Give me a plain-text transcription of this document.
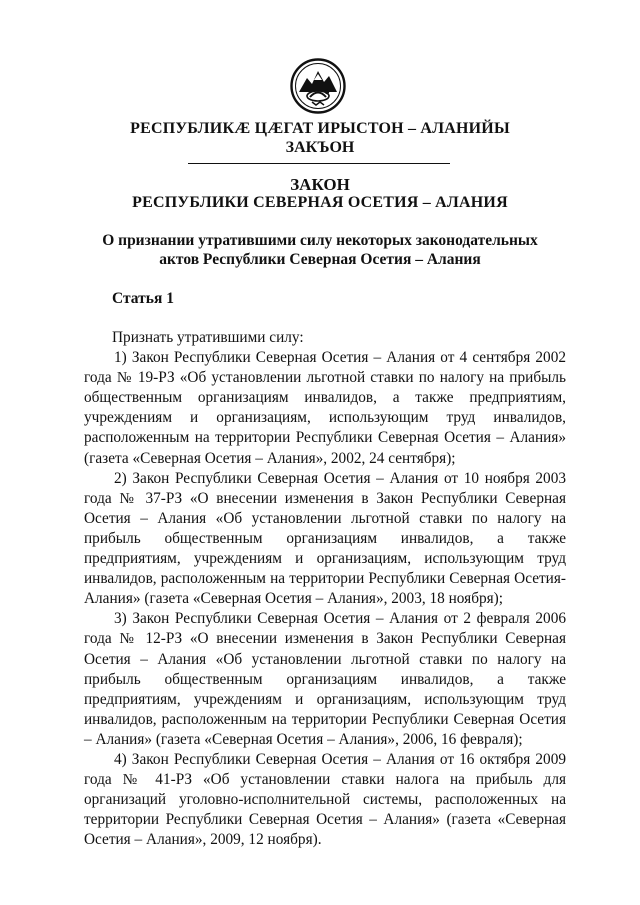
РЕСПУБЛИКӔ ЦӔГАТ ИРЫСТОН – АЛАНИЙЫ
ЗАКЪОН
ЗАКОН
РЕСПУБЛИКИ СЕВЕРНАЯ ОСЕТИЯ – АЛАНИЯ
О признании утратившими силу некоторых законодательных
актов Республики Северная Осетия – Алания
Статья 1

Признать утратившими силу:

1) Закон Республики Северная Осетия – Алания от 4 сентября 2002 года № 19-РЗ «Об установлении льготной ставки по налогу на прибыль общественным организациям инвалидов, а также предприятиям, учреждениям и организациям, использующим труд инвалидов, расположенным на территории Республики Северная Осетия – Алания» (газета «Северная Осетия – Алания», 2002, 24 сентября);

2) Закон Республики Северная Осетия – Алания от 10 ноября 2003 года № 37-РЗ «О внесении изменения в Закон Республики Северная Осетия – Алания «Об установлении льготной ставки по налогу на прибыль общественным организациям инвалидов, а также предприятиям, учреждениям и организациям, использующим труд инвалидов, расположенным на территории Республики Северная Осетия-Алания» (газета «Северная Осетия – Алания», 2003, 18 ноября);

3) Закон Республики Северная Осетия – Алания от 2 февраля 2006 года № 12-РЗ «О внесении изменения в Закон Республики Северная Осетия – Алания «Об установлении льготной ставки по налогу на прибыль общественным организациям инвалидов, а также предприятиям, учреждениям и организациям, использующим труд инвалидов, расположенным на территории Республики Северная Осетия – Алания» (газета «Северная Осетия – Алания», 2006, 16 февраля);

4) Закон Республики Северная Осетия – Алания от 16 октября 2009 года № 41-РЗ «Об установлении ставки налога на прибыль для организаций уголовно-исполнительной системы, расположенных на территории Республики Северная Осетия – Алания» (газета «Северная Осетия – Алания», 2009, 12 ноября).
